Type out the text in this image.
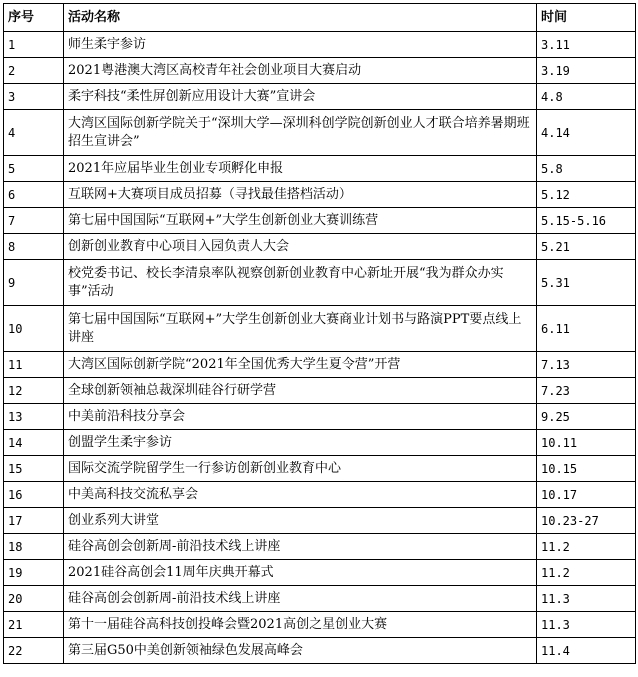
序号	活动名称	时间
1	师生柔宇参访	3.11
2	2021粤港澳大湾区高校青年社会创业项目大赛启动	3.19
3	柔宇科技“柔性屏创新应用设计大赛”宣讲会	4.8
4	大湾区国际创新学院关于“深圳大学—深圳科创学院创新创业人才联合培养暑期班招生宣讲会”	4.14
5	2021年应届毕业生创业专项孵化申报	5.8
6	互联网+大赛项目成员招募（寻找最佳搭档活动）	5.12
7	第七届中国国际“互联网+”大学生创新创业大赛训练营	5.15-5.16
8	创新创业教育中心项目入园负责人大会	5.21
9	校党委书记、校长李清泉率队视察创新创业教育中心新址开展“我为群众办实事”活动	5.31
10	第七届中国国际“互联网+”大学生创新创业大赛商业计划书与路演PPT要点线上讲座	6.11
11	大湾区国际创新学院“2021年全国优秀大学生夏令营”开营	7.13
12	全球创新领袖总裁深圳硅谷行研学营	7.23
13	中美前沿科技分享会	9.25
14	创盟学生柔宇参访	10.11
15	国际交流学院留学生一行参访创新创业教育中心	10.15
16	中美高科技交流私享会	10.17
17	创业系列大讲堂	10.23-27
18	硅谷高创会创新周-前沿技术线上讲座	11.2
19	2021硅谷高创会11周年庆典开幕式	11.2
20	硅谷高创会创新周-前沿技术线上讲座	11.3
21	第十一届硅谷高科技创投峰会暨2021高创之星创业大赛	11.3
22	第三届G50中美创新领袖绿色发展高峰会	11.4
